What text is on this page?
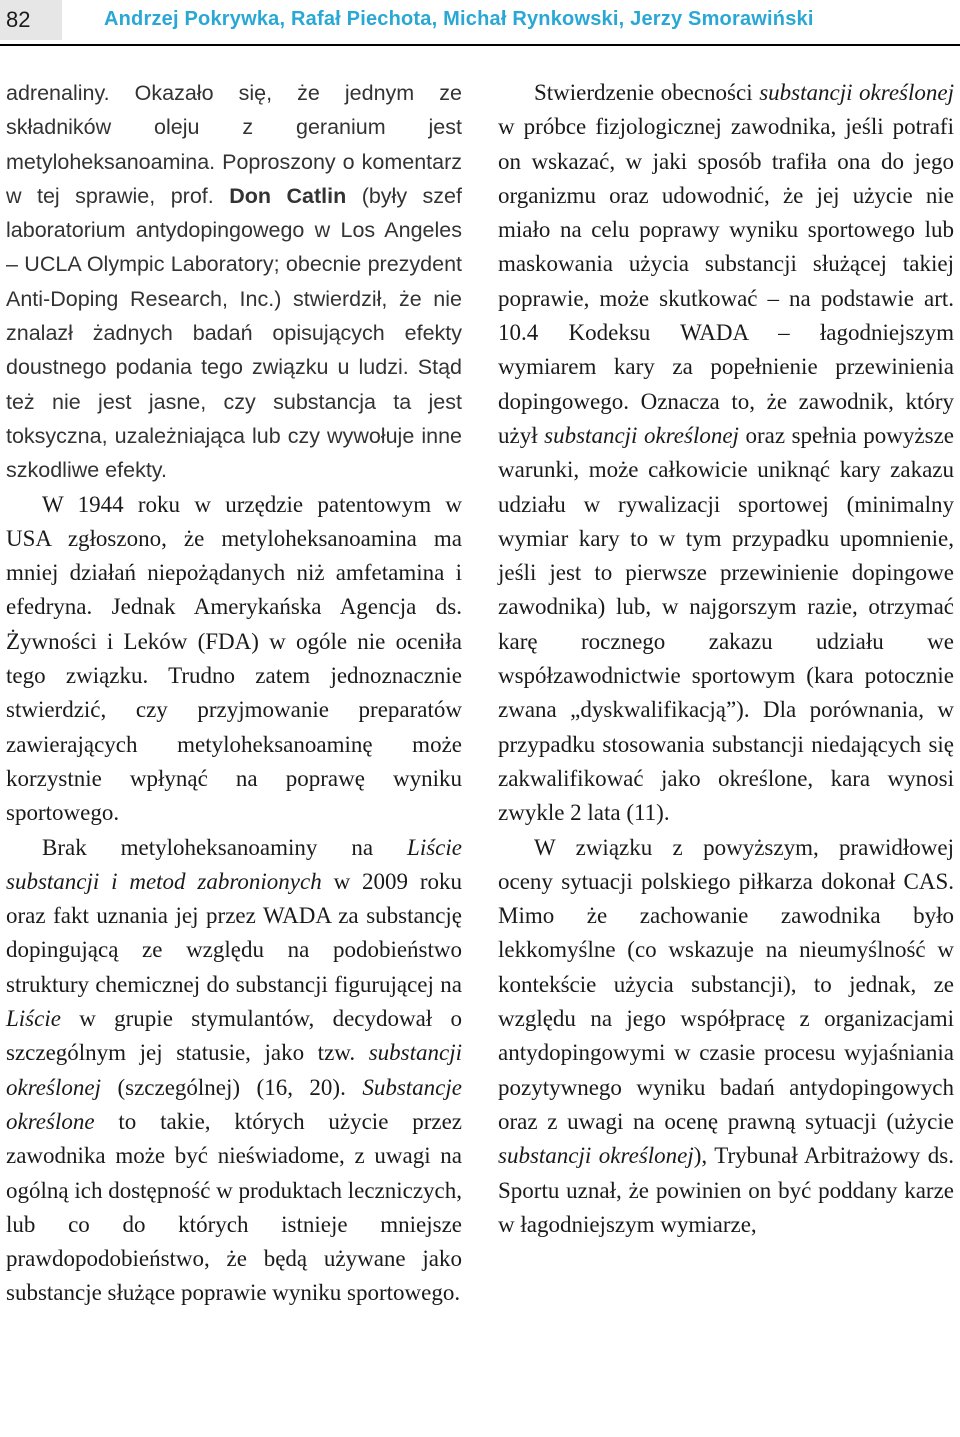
82	Andrzej Pokrywka, Rafał Piechota, Michał Rynkowski, Jerzy Smorawiński

adrenaliny. Okazało się, że jednym ze składników oleju z geranium jest metyloheksanoamina. Poproszony o komentarz w tej sprawie, prof. Don Catlin (były szef laboratorium antydopingowego w Los Angeles – UCLA Olympic Laboratory; obecnie prezydent Anti-Doping Research, Inc.) stwierdził, że nie znalazł żadnych badań opisujących efekty doustnego podania tego związku u ludzi. Stąd też nie jest jasne, czy substancja ta jest toksyczna, uzależniająca lub czy wywołuje inne szkodliwe efekty.

W 1944 roku w urzędzie patentowym w USA zgłoszono, że metyloheksanoamina ma mniej działań niepożądanych niż amfetamina i efedryna. Jednak Amerykańska Agencja ds. Żywności i Leków (FDA) w ogóle nie oceniła tego związku. Trudno zatem jednoznacznie stwierdzić, czy przyjmowanie preparatów zawierających metyloheksanoaminę może korzystnie wpłynąć na poprawę wyniku sportowego.

Brak metyloheksanoaminy na Liście substancji i metod zabronionych w 2009 roku oraz fakt uznania jej przez WADA za substancję dopingującą ze względu na podobieństwo struktury chemicznej do substancji figurującej na Liście w grupie stymulantów, decydował o szczególnym jej statusie, jako tzw. substancji określonej (szczególnej) (16, 20). Substancje określone to takie, których użycie przez zawodnika może być nieświadome, z uwagi na ogólną ich dostępność w produktach leczniczych, lub co do których istnieje mniejsze prawdopodobieństwo, że będą używane jako substancje służące poprawie wyniku sportowego.

Stwierdzenie obecności substancji określonej w próbce fizjologicznej zawodnika, jeśli potrafi on wskazać, w jaki sposób trafiła ona do jego organizmu oraz udowodnić, że jej użycie nie miało na celu poprawy wyniku sportowego lub maskowania użycia substancji służącej takiej poprawie, może skutkować – na podstawie art. 10.4 Kodeksu WADA – łagodniejszym wymiarem kary za popełnienie przewinienia dopingowego. Oznacza to, że zawodnik, który użył substancji określonej oraz spełnia powyższe warunki, może całkowicie uniknąć kary zakazu udziału w rywalizacji sportowej (minimalny wymiar kary to w tym przypadku upomnienie, jeśli jest to pierwsze przewinienie dopingowe zawodnika) lub, w najgorszym razie, otrzymać karę rocznego zakazu udziału we współzawodnictwie sportowym (kara potocznie zwana „dyskwalifikacją”). Dla porównania, w przypadku stosowania substancji niedających się zakwalifikować jako określone, kara wynosi zwykle 2 lata (11).

W związku z powyższym, prawidłowej oceny sytuacji polskiego piłkarza dokonał CAS. Mimo że zachowanie zawodnika było lekkomyślne (co wskazuje na nieumyślność w kontekście użycia substancji), to jednak, ze względu na jego współpracę z organizacjami antydopingowymi w czasie procesu wyjaśniania pozytywnego wyniku badań antydopingowych oraz z uwagi na ocenę prawną sytuacji (użycie substancji określonej), Trybunał Arbitrażowy ds. Sportu uznał, że powinien on być poddany karze w łagodniejszym wymiarze,
